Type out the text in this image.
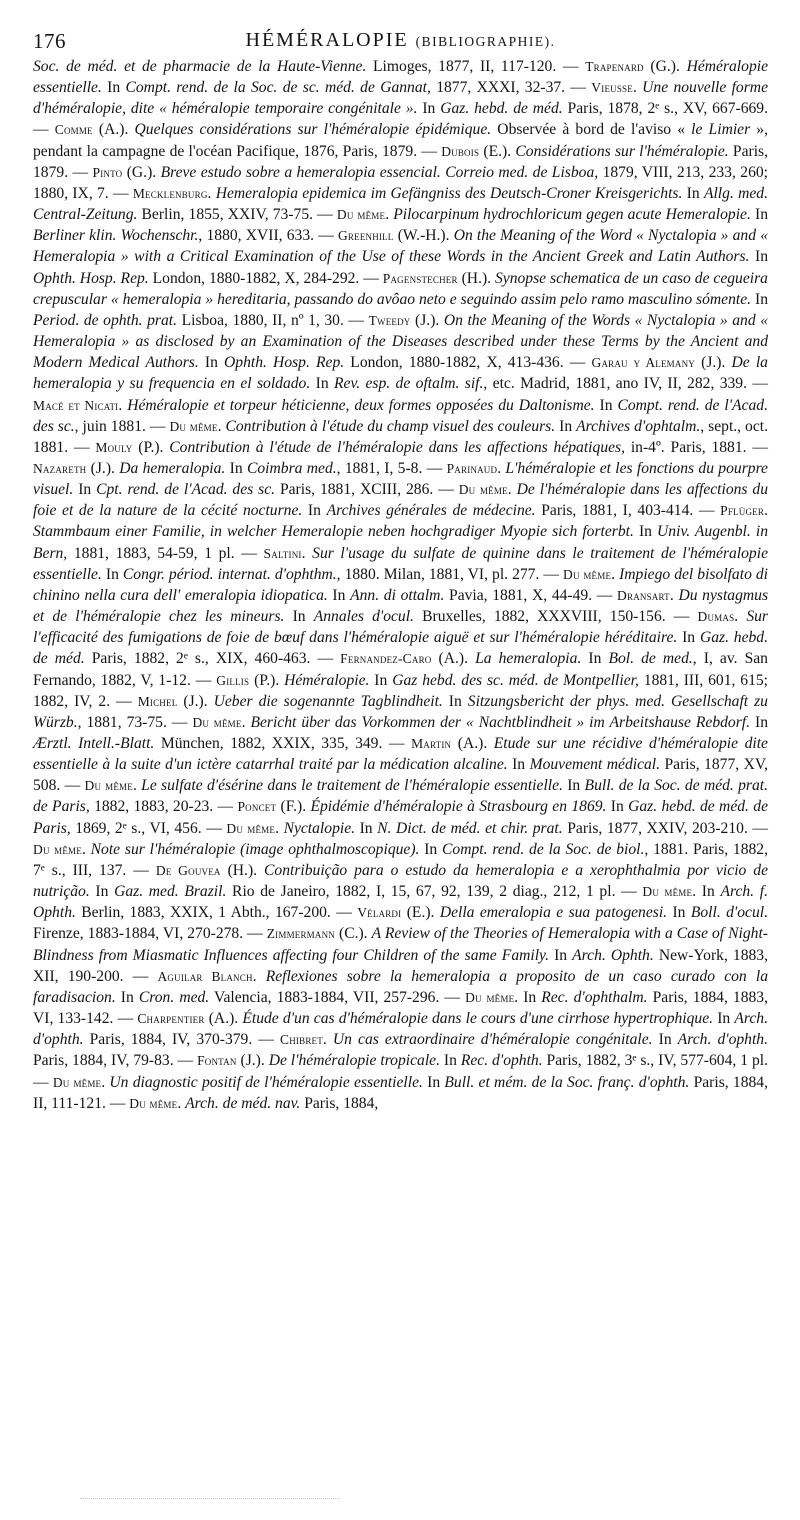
176	HÉMÉRALOPIE (BIBLIOGRAPHIE).
Soc. de méd. et de pharmacie de la Haute-Vienne. Limoges, 1877, II, 117-120. — Trapenard (G.). Héméralopie essentielle. In Compt. rend. de la Soc. de sc. méd. de Gannat, 1877, XXXI, 32-37. — Vieusse. Une nouvelle forme d'héméralopie, dite « héméralopie temporaire congénitale ». In Gaz. hebd. de méd. Paris, 1878, 2ᵉ s., XV, 667-669. — Comme (A.). Quelques considérations sur l'héméralopie épidémique. Observée à bord de l'aviso « le Limier », pendant la campagne de l'océan Pacifique, 1876, Paris, 1879. — Dubois (E.). Considérations sur l'héméralopie. Paris, 1879. — Pinto (G.). Breve estudo sobre a hemeralopia essencial. Correio med. de Lisboa, 1879, VIII, 213, 233, 260; 1880, IX, 7. — Mecklenburg. Hemeralopia epidemica im Gefängniss des Deutsch-Croner Kreisgerichts. In Allg. med. Central-Zeitung. Berlin, 1855, XXIV, 73-75. — Du même. Pilocarpinum hydrochloricum gegen acute Hemeralopie. In Berliner klin. Wochenschr., 1880, XVII, 633. — Greenhill (W.-H.). On the Meaning of the Word « Nyctalopia » and « Hemeralopia » with a Critical Examination of the Use of these Words in the Ancient Greek and Latin Authors. In Ophth. Hosp. Rep. London, 1880-1882, X, 284-292. — Pagenstecher (H.). Synopse schematica de un caso de cegueira crepuscular « hemeralopia » hereditaria, passando do avôao neto e seguindo assim pelo ramo masculino sómente. In Period. de ophth. prat. Lisboa, 1880, II, nº 1, 30. — Tweedy (J.). On the Meaning of the Words « Nyctalopia » and « Hemeralopia » as disclosed by an Examination of the Diseases described under these Terms by the Ancient and Modern Medical Authors. In Ophth. Hosp. Rep. London, 1880-1882, X, 413-436. — Garau y Alemany (J.). De la hemeralopia y su frequencia en el soldado. In Rev. esp. de oftalm. sif., etc. Madrid, 1881, ano IV, II, 282, 339. — Macé et Nicati. Héméralopie et torpeur héticienne, deux formes opposées du Daltonisme. In Compt. rend. de l'Acad. des sc., juin 1881. — Du même. Contribution à l'étude du champ visuel des couleurs. In Archives d'ophtalm., sept., oct. 1881. — Mouly (P.). Contribution à l'étude de l'héméralopie dans les affections hépatiques, in-4º. Paris, 1881. — Nazareth (J.). Da hemeralopia. In Coimbra med., 1881, I, 5-8. — Parinaud. L'héméralopie et les fonctions du pourpre visuel. In Cpt. rend. de l'Acad. des sc. Paris, 1881, XCIII, 286. — Du même. De l'héméralopie dans les affections du foie et de la nature de la cécité nocturne. In Archives générales de médecine. Paris, 1881, I, 403-414. — Pflüger. Stammbaum einer Familie, in welcher Hemeralopie neben hochgradiger Myopie sich forterbt. In Univ. Augenbl. in Bern, 1881, 1883, 54-59, 1 pl. — Saltini. Sur l'usage du sulfate de quinine dans le traitement de l'héméralopie essentielle. In Congr. périod. internat. d'ophthm., 1880. Milan, 1881, VI, pl. 277. — Du même. Impiego del bisolfato di chinino nella cura dell' emeralopia idiopatica. In Ann. di ottalm. Pavia, 1881, X, 44-49. — Dransart. Du nystagmus et de l'héméralopie chez les mineurs. In Annales d'ocul. Bruxelles, 1882, XXXVIII, 150-156. — Dumas. Sur l'efficacité des fumigations de foie de bœuf dans l'héméralopie aiguë et sur l'héméralopie héréditaire. In Gaz. hebd. de méd. Paris, 1882, 2ᵉ s., XIX, 460-463. — Fernandez-Caro (A.). La hemeralopia. In Bol. de med., I, av. San Fernando, 1882, V, 1-12. — Gillis (P.). Héméralopie. In Gaz hebd. des sc. méd. de Montpellier, 1881, III, 601, 615; 1882, IV, 2. — Michel (J.). Ueber die sogenannte Tagblindheit. In Sitzungsbericht der phys. med. Gesellschaft zu Würzb., 1881, 73-75. — Du même. Bericht über das Vorkommen der « Nachtblindheit » im Arbeitshause Rebdorf. In Ærztl. Intell.-Blatt. München, 1882, XXIX, 335, 349. — Martin (A.). Etude sur une récidive d'héméralopie dite essentielle à la suite d'un ictère catarrhal traité par la médication alcaline. In Mouvement médical. Paris, 1877, XV, 508. — Du même. Le sulfate d'ésérine dans le traitement de l'héméralopie essentielle. In Bull. de la Soc. de méd. prat. de Paris, 1882, 1883, 20-23. — Poncet (F.). Épidémie d'héméralopie à Strasbourg en 1869. In Gaz. hebd. de méd. de Paris, 1869, 2ᵉ s., VI, 456. — Du même. Nyctalopie. In N. Dict. de méd. et chir. prat. Paris, 1877, XXIV, 203-210. — Du même. Note sur l'héméralopie (image ophthalmoscopique). In Compt. rend. de la Soc. de biol., 1881. Paris, 1882, 7ᵉ s., III, 137. — De Gouvea (H.). Contribuição para o estudo da hemeralopia e a xerophthalmia por vicio de nutrição. In Gaz. med. Brazil. Rio de Janeiro, 1882, I, 15, 67, 92, 139, 2 diag., 212, 1 pl. — Du même. In Arch. f. Ophth. Berlin, 1883, XXIX, 1 Abth., 167-200. — Vélardi (E.). Della emeralopia e sua patogenesi. In Boll. d'ocul. Firenze, 1883-1884, VI, 270-278. — Zimmermann (C.). A Review of the Theories of Hemeralopia with a Case of Night-Blindness from Miasmatic Influences affecting four Children of the same Family. In Arch. Ophth. New-York, 1883, XII, 190-200. — Aguilar Blanch. Reflexiones sobre la hemeralopia a proposito de un caso curado con la faradisacion. In Cron. med. Valencia, 1883-1884, VII, 257-296. — Du même. In Rec. d'ophthalm. Paris, 1884, 1883, VI, 133-142. — Charpentier (A.). Étude d'un cas d'héméralopie dans le cours d'une cirrhose hypertrophique. In Arch. d'ophth. Paris, 1884, IV, 370-379. — Chibret. Un cas extraordinaire d'héméralopie congénitale. In Arch. d'ophth. Paris, 1884, IV, 79-83. — Fontan (J.). De l'héméralopie tropicale. In Rec. d'ophth. Paris, 1882, 3ᵉ s., IV, 577-604, 1 pl. — Du même. Un diagnostic positif de l'héméralopie essentielle. In Bull. et mém. de la Soc. franç. d'ophth. Paris, 1884, II, 111-121. — Du même. Arch. de méd. nav. Paris, 1884,
